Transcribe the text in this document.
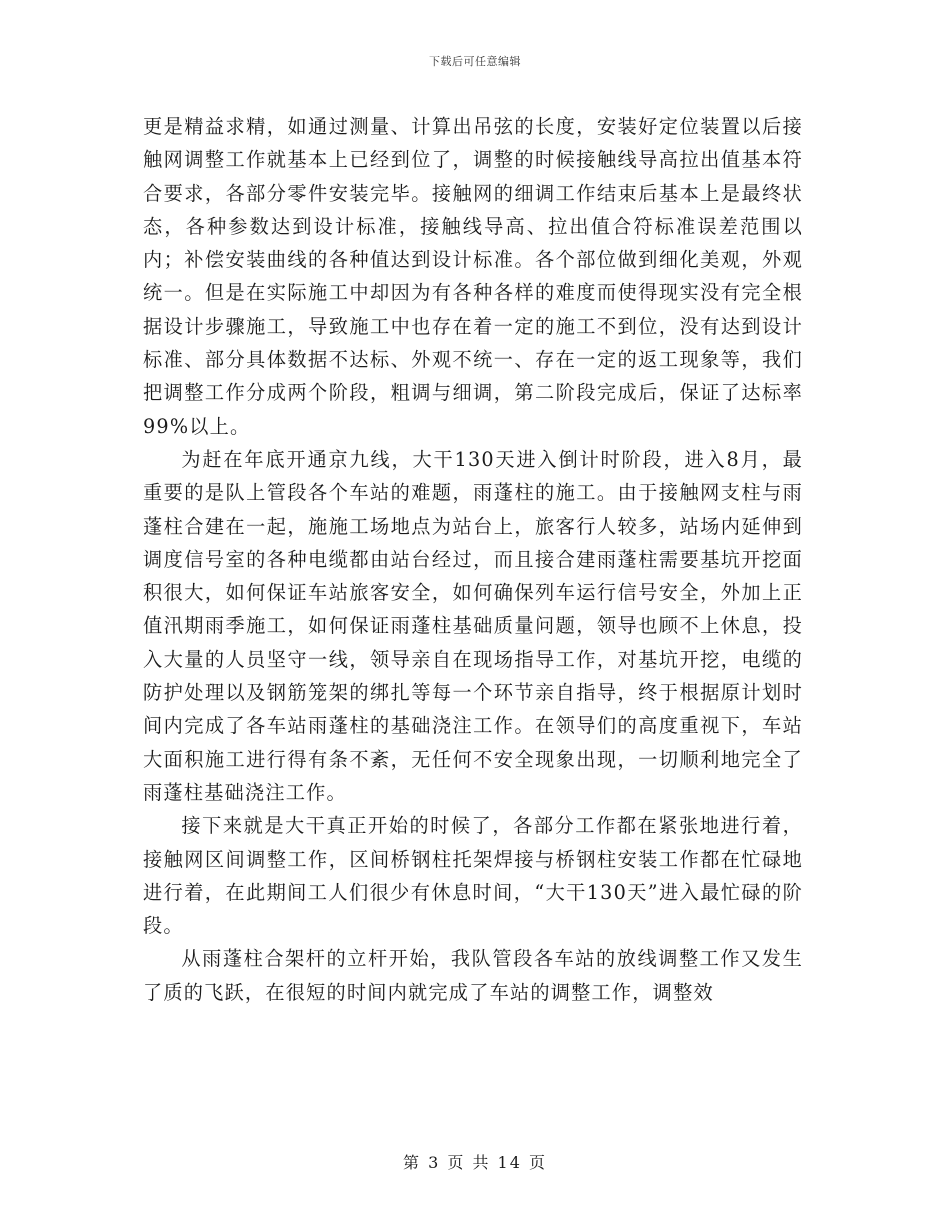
下载后可任意编辑

更是精益求精，如通过测量、计算出吊弦的长度，安装好定位装置以后接触网调整工作就基本上已经到位了，调整的时候接触线导高拉出值基本符合要求，各部分零件安装完毕。接触网的细调工作结束后基本上是最终状态，各种参数达到设计标准，接触线导高、拉出值合符标准误差范围以内；补偿安装曲线的各种值达到设计标准。各个部位做到细化美观，外观统一。但是在实际施工中却因为有各种各样的难度而使得现实没有完全根据设计步骤施工，导致施工中也存在着一定的施工不到位，没有达到设计标准、部分具体数据不达标、外观不统一、存在一定的返工现象等，我们把调整工作分成两个阶段，粗调与细调，第二阶段完成后，保证了达标率99%以上。

为赶在年底开通京九线，大干130天进入倒计时阶段，进入8月，最重要的是队上管段各个车站的难题，雨蓬柱的施工。由于接触网支柱与雨蓬柱合建在一起，施施工场地点为站台上，旅客行人较多，站场内延伸到调度信号室的各种电缆都由站台经过，而且接合建雨蓬柱需要基坑开挖面积很大，如何保证车站旅客安全，如何确保列车运行信号安全，外加上正值汛期雨季施工，如何保证雨蓬柱基础质量问题，领导也顾不上休息，投入大量的人员坚守一线，领导亲自在现场指导工作，对基坑开挖，电缆的防护处理以及钢筋笼架的绑扎等每一个环节亲自指导，终于根据原计划时间内完成了各车站雨蓬柱的基础浇注工作。在领导们的高度重视下，车站大面积施工进行得有条不紊，无任何不安全现象出现，一切顺利地完全了雨蓬柱基础浇注工作。

接下来就是大干真正开始的时候了，各部分工作都在紧张地进行着，接触网区间调整工作，区间桥钢柱托架焊接与桥钢柱安装工作都在忙碌地进行着，在此期间工人们很少有休息时间，“大干130天”进入最忙碌的阶段。

从雨蓬柱合架杆的立杆开始，我队管段各车站的放线调整工作又发生了质的飞跃，在很短的时间内就完成了车站的调整工作，调整效

第 3 页 共 14 页
